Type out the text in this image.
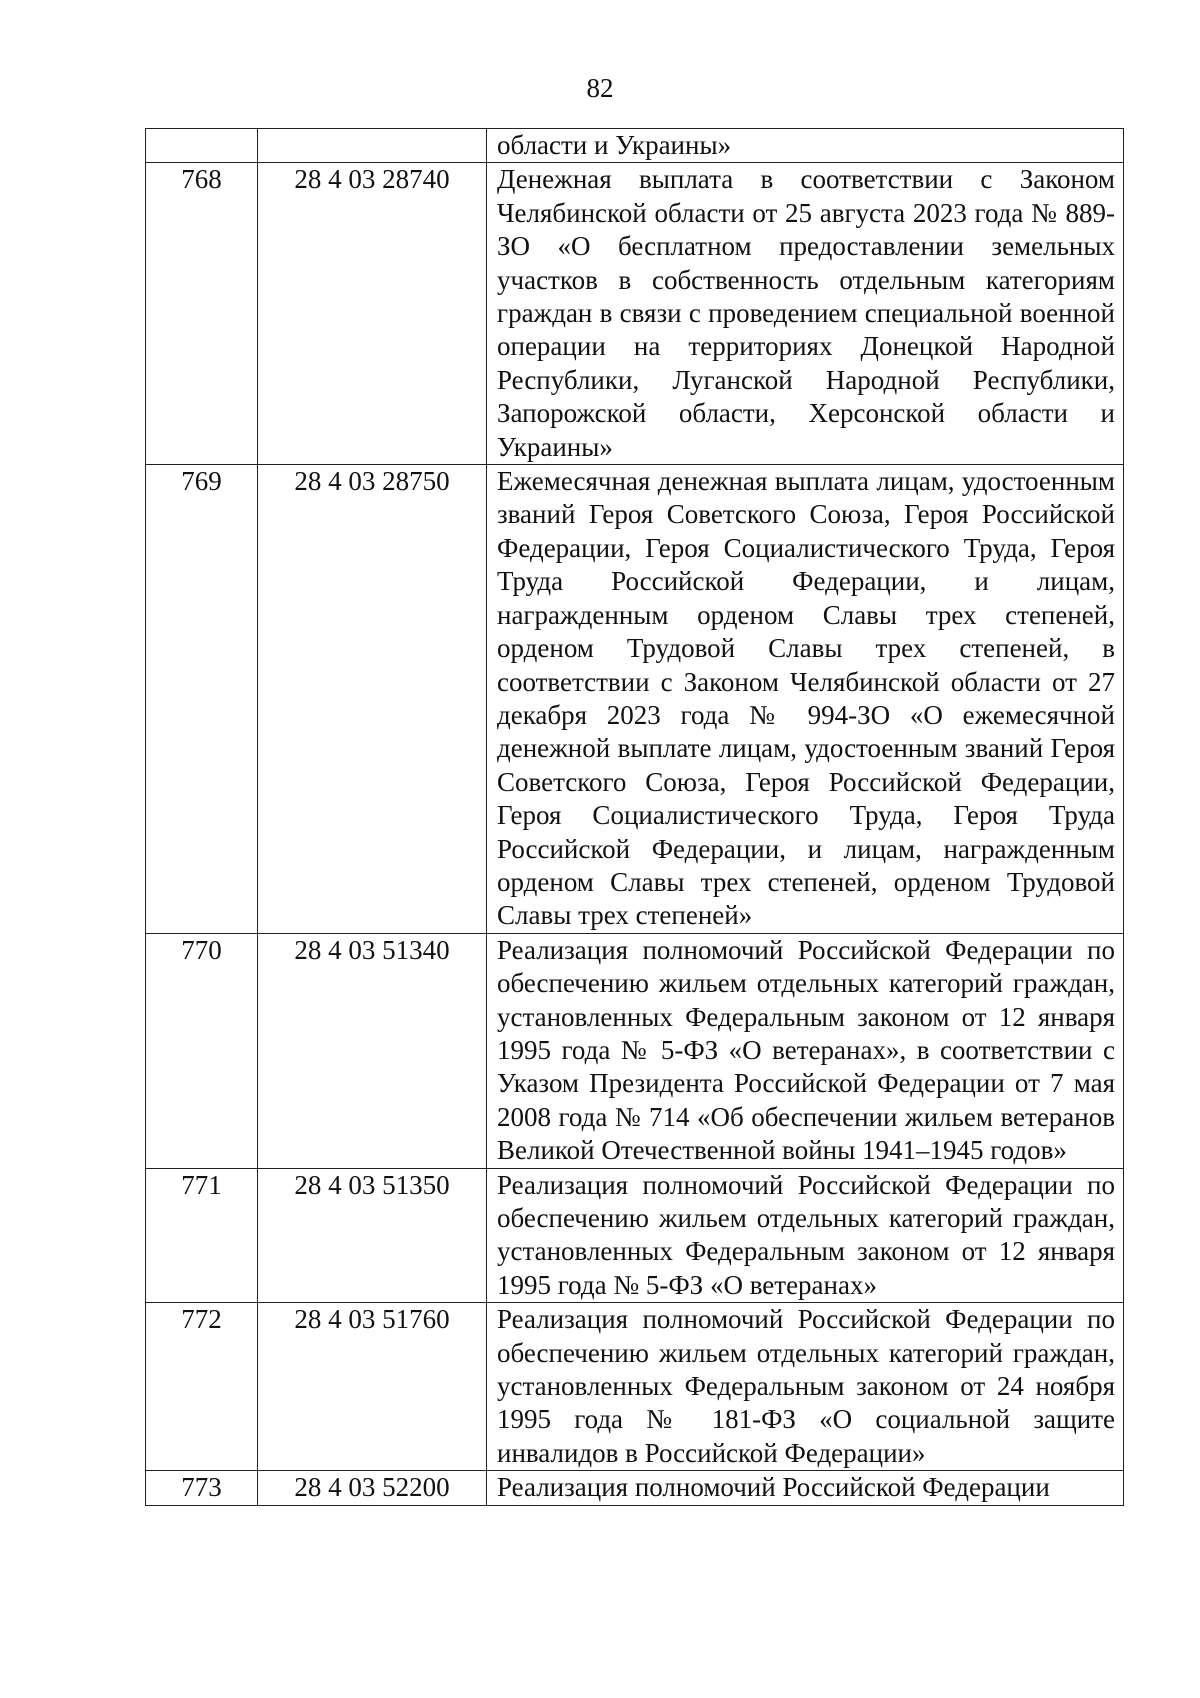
82

		области и Украины»

768	28 4 03 28740	Денежная выплата в соответствии с Законом Челябинской области от 25 августа 2023 года № 889-ЗО «О бесплатном предоставлении земельных участков в собственность отдельным категориям граждан в связи с проведением специальной военной операции на территориях Донецкой Народной Республики, Луганской Народной Республики, Запорожской области, Херсонской области и Украины»

769	28 4 03 28750	Ежемесячная денежная выплата лицам, удостоенным званий Героя Советского Союза, Героя Российской Федерации, Героя Социалистического Труда, Героя Труда Российской Федерации, и лицам, награжденным орденом Славы трех степеней, орденом Трудовой Славы трех степеней, в соответствии с Законом Челябинской области от 27 декабря 2023 года № 994-ЗО «О ежемесячной денежной выплате лицам, удостоенным званий Героя Советского Союза, Героя Российской Федерации, Героя Социалистического Труда, Героя Труда Российской Федерации, и лицам, награжденным орденом Славы трех степеней, орденом Трудовой Славы трех степеней»

770	28 4 03 51340	Реализация полномочий Российской Федерации по обеспечению жильем отдельных категорий граждан, установленных Федеральным законом от 12 января 1995 года № 5-ФЗ «О ветеранах», в соответствии с Указом Президента Российской Федерации от 7 мая 2008 года № 714 «Об обеспечении жильем ветеранов Великой Отечественной войны 1941–1945 годов»

771	28 4 03 51350	Реализация полномочий Российской Федерации по обеспечению жильем отдельных категорий граждан, установленных Федеральным законом от 12 января 1995 года № 5-ФЗ «О ветеранах»

772	28 4 03 51760	Реализация полномочий Российской Федерации по обеспечению жильем отдельных категорий граждан, установленных Федеральным законом от 24 ноября 1995 года № 181-ФЗ «О социальной защите инвалидов в Российской Федерации»

773	28 4 03 52200	Реализация полномочий Российской Федерации
